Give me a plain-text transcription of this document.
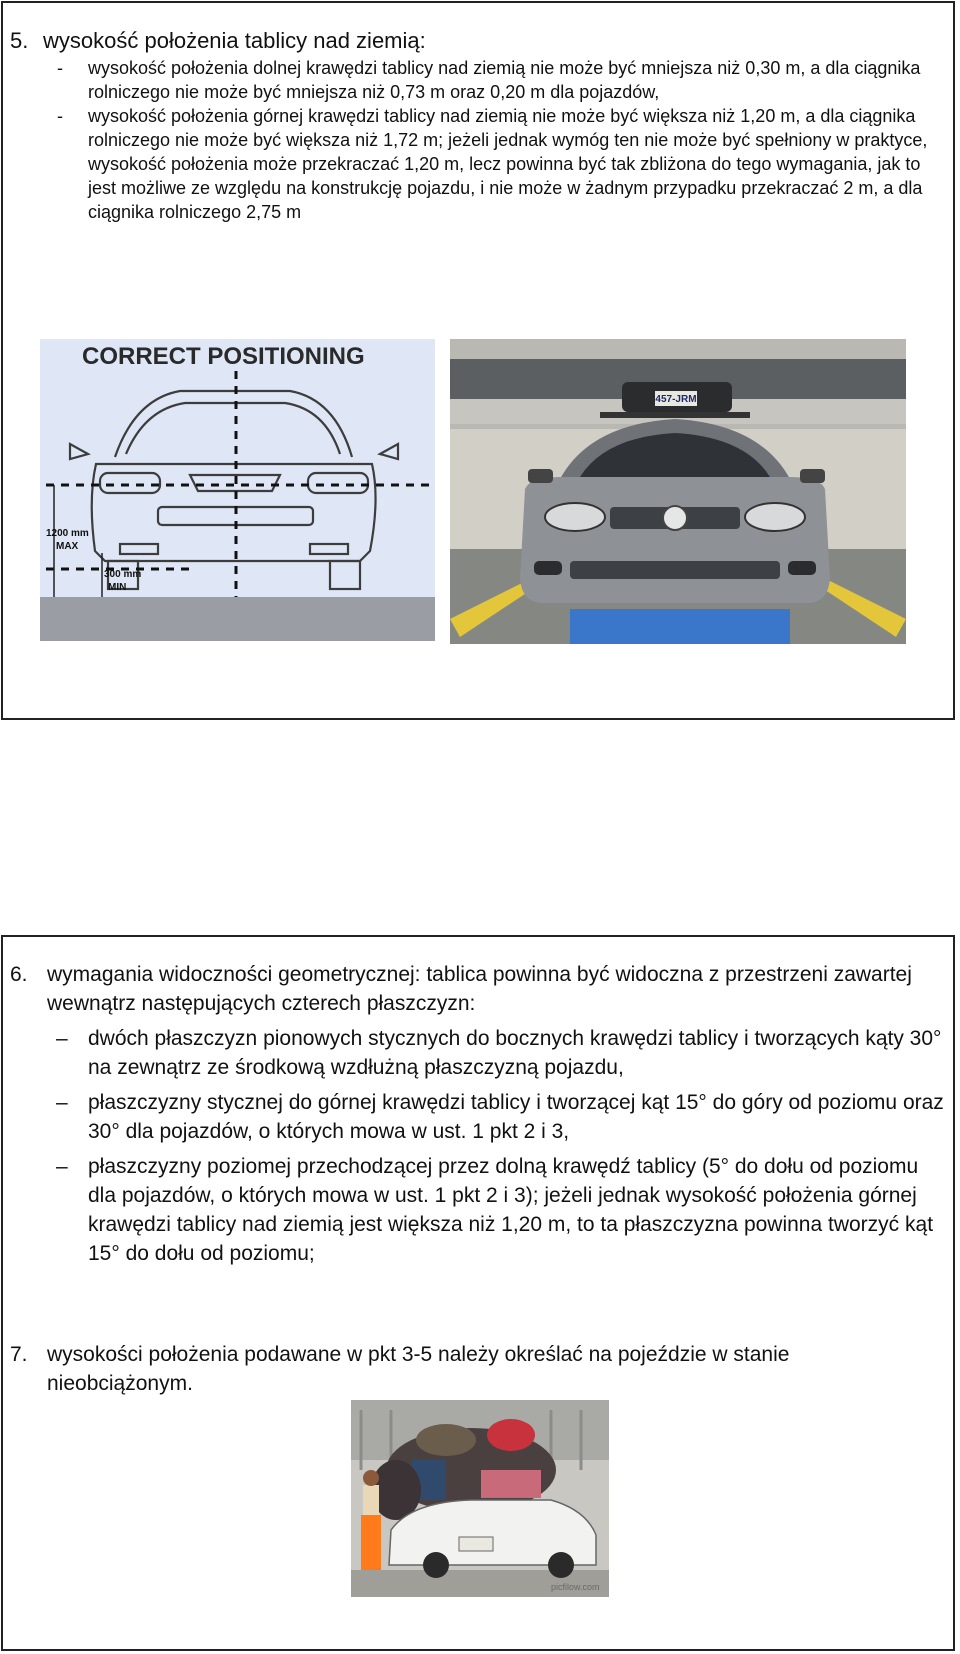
5. wysokość położenia tablicy nad ziemią:

- wysokość położenia dolnej krawędzi tablicy nad ziemią nie może być mniejsza niż 0,30 m, a dla ciągnika rolniczego nie może być mniejsza niż 0,73 m oraz 0,20 m dla pojazdów,

- wysokość położenia górnej krawędzi tablicy nad ziemią nie może być większa niż 1,20 m, a dla ciągnika rolniczego nie może być większa niż 1,72 m; jeżeli jednak wymóg ten nie może być spełniony w praktyce, wysokość położenia może przekraczać 1,20 m, lecz powinna być tak zbliżona do tego wymagania, jak to jest możliwe ze względu na konstrukcję pojazdu, i nie może w żadnym przypadku przekraczać 2 m, a dla ciągnika rolniczego 2,75 m

CORRECT POSITIONING
1200 mm
MAX
300 mm
MIN
457-JRM
6. wymagania widoczności geometrycznej: tablica powinna być widoczna z przestrzeni zawartej wewnątrz następujących czterech płaszczyzn:
– dwóch płaszczyzn pionowych stycznych do bocznych krawędzi tablicy i tworzących kąty 30° na zewnątrz ze środkową wzdłużną płaszczyzną pojazdu,
– płaszczyzny stycznej do górnej krawędzi tablicy i tworzącej kąt 15° do góry od poziomu oraz 30° dla pojazdów, o których mowa w ust. 1 pkt 2 i 3,
– płaszczyzny poziomej przechodzącej przez dolną krawędź tablicy (5° do dołu od poziomu dla pojazdów, o których mowa w ust. 1 pkt 2 i 3); jeżeli jednak wysokość położenia górnej krawędzi tablicy nad ziemią jest większa niż 1,20 m, to ta płaszczyzna powinna tworzyć kąt 15° do dołu od poziomu;
7. wysokości położenia podawane w pkt 3-5 należy określać na pojeździe w stanie nieobciążonym.
picfilow.com
